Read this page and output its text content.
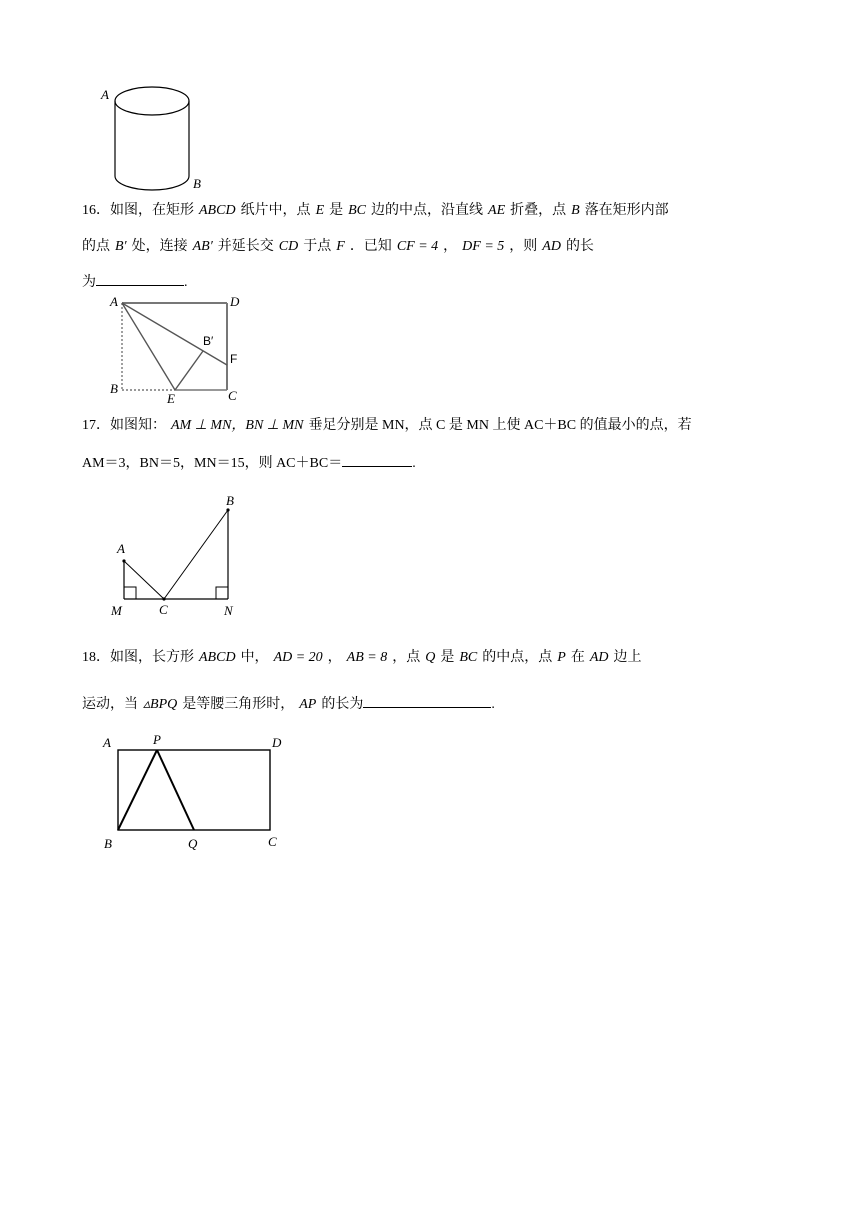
A
B
16．如图，在矩形 ABCD 纸片中，点 E 是 BC 边的中点，沿直线 AE 折叠，点 B 落在矩形内部
的点 B′ 处，连接 AB′ 并延长交 CD 于点 F ．已知 CF = 4 ， DF = 5 ，则 AD 的长
为	.
A	D
B	C
E
B′
F
17．如图知： AM ⊥ MN，BN ⊥ MN 垂足分别是 MN，点 C 是 MN 上使 AC＋BC 的值最小的点，若
AM＝3，BN＝5，MN＝15，则 AC＋BC＝	.
A
B
C
M	N
18．如图，长方形 ABCD 中， AD = 20 ， AB = 8 ，点 Q 是 BC 的中点，点 P 在 AD 边上
运动，当 ▵BPQ 是等腰三角形时， AP 的长为	.
A	P	D
B	Q	C
